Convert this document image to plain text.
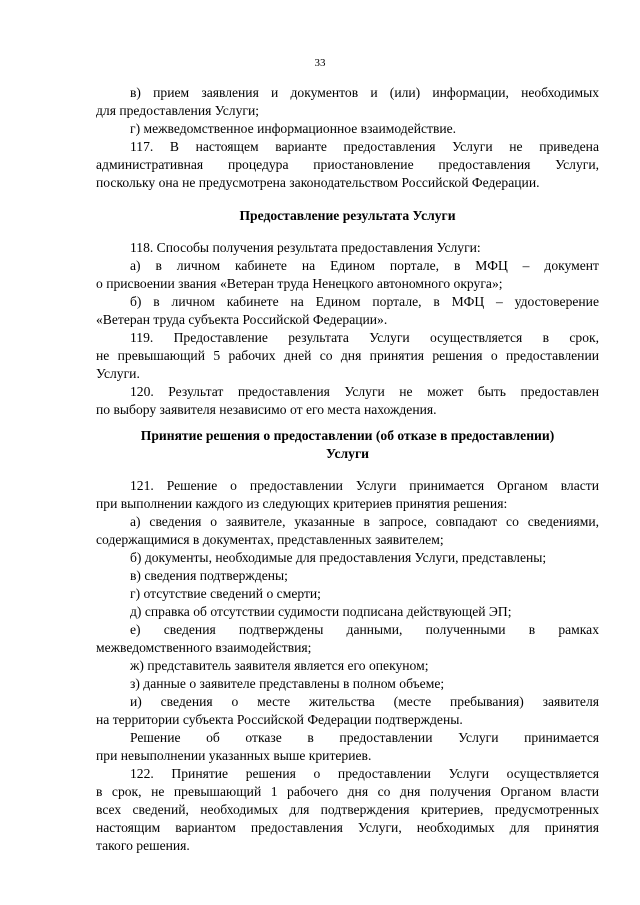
33
в) прием заявления и документов и (или) информации, необходимых
для предоставления Услуги;
г) межведомственное информационное взаимодействие.
117. В настоящем варианте предоставления Услуги не приведена
административная процедура приостановление предоставления Услуги,
поскольку она не предусмотрена законодательством Российской Федерации.
Предоставление результата Услуги
118. Способы получения результата предоставления Услуги:
а) в личном кабинете на Едином портале, в МФЦ – документ
о присвоении звания «Ветеран труда Ненецкого автономного округа»;
б) в личном кабинете на Едином портале, в МФЦ – удостоверение
«Ветеран труда субъекта Российской Федерации».
119. Предоставление результата Услуги осуществляется в срок,
не превышающий 5 рабочих дней со дня принятия решения о предоставлении
Услуги.
120. Результат предоставления Услуги не может быть предоставлен
по выбору заявителя независимо от его места нахождения.
Принятие решения о предоставлении (об отказе в предоставлении)
Услуги
121. Решение о предоставлении Услуги принимается Органом власти
при выполнении каждого из следующих критериев принятия решения:
а) сведения о заявителе, указанные в запросе, совпадают со сведениями,
содержащимися в документах, представленных заявителем;
б) документы, необходимые для предоставления Услуги, представлены;
в) сведения подтверждены;
г) отсутствие сведений о смерти;
д) справка об отсутствии судимости подписана действующей ЭП;
е) сведения подтверждены данными, полученными в рамках
межведомственного взаимодействия;
ж) представитель заявителя является его опекуном;
з) данные о заявителе представлены в полном объеме;
и) сведения о месте жительства (месте пребывания) заявителя
на территории субъекта Российской Федерации подтверждены.
Решение об отказе в предоставлении Услуги принимается
при невыполнении указанных выше критериев.
122. Принятие решения о предоставлении Услуги осуществляется
в срок, не превышающий 1 рабочего дня со дня получения Органом власти
всех сведений, необходимых для подтверждения критериев, предусмотренных
настоящим вариантом предоставления Услуги, необходимых для принятия
такого решения.
